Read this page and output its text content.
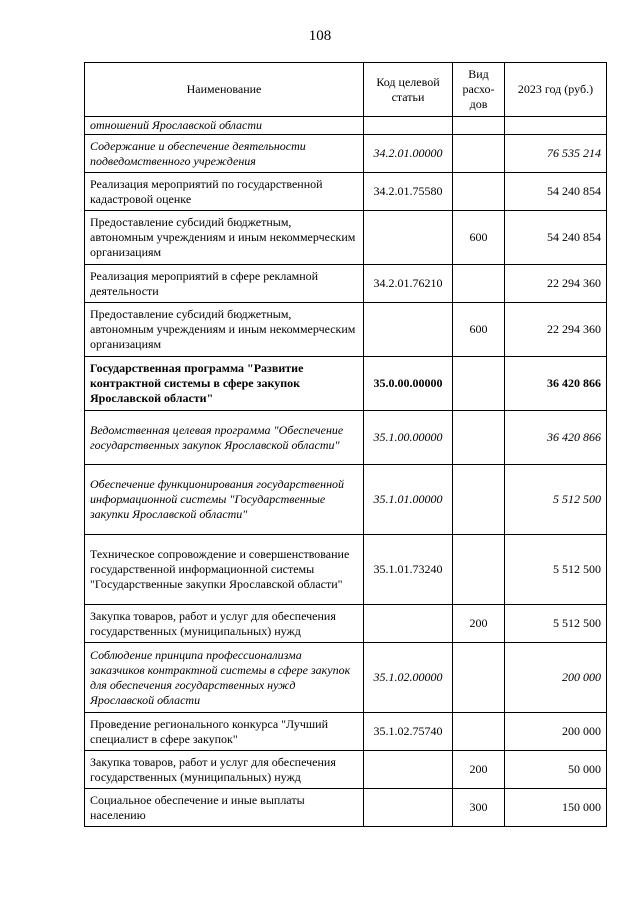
108
Наименование	Код целевой статьи	Вид расхо-дов	2023 год (руб.)
отношений Ярославской области			
Содержание и обеспечение деятельности подведомственного учреждения	34.2.01.00000		76 535 214
Реализация мероприятий по государственной кадастровой оценке	34.2.01.75580		54 240 854
Предоставление субсидий бюджетным, автономным учреждениям и иным некоммерческим организациям		600	54 240 854
Реализация мероприятий в сфере рекламной деятельности	34.2.01.76210		22 294 360
Предоставление субсидий бюджетным, автономным учреждениям и иным некоммерческим организациям		600	22 294 360
Государственная программа "Развитие контрактной системы в сфере закупок Ярославской области"	35.0.00.00000		36 420 866
Ведомственная целевая программа "Обеспечение государственных закупок Ярославской области"	35.1.00.00000		36 420 866
Обеспечение функционирования государственной информационной системы "Государственные закупки Ярославской области"	35.1.01.00000		5 512 500
Техническое сопровождение и совершенствование государственной информационной системы "Государственные закупки Ярославской области"	35.1.01.73240		5 512 500
Закупка товаров, работ и услуг для обеспечения государственных (муниципальных) нужд		200	5 512 500
Соблюдение принципа профессионализма заказчиков контрактной системы в сфере закупок для обеспечения государственных нужд Ярославской области	35.1.02.00000		200 000
Проведение регионального конкурса "Лучший специалист в сфере закупок"	35.1.02.75740		200 000
Закупка товаров, работ и услуг для обеспечения государственных (муниципальных) нужд		200	50 000
Социальное обеспечение и иные выплаты населению		300	150 000
